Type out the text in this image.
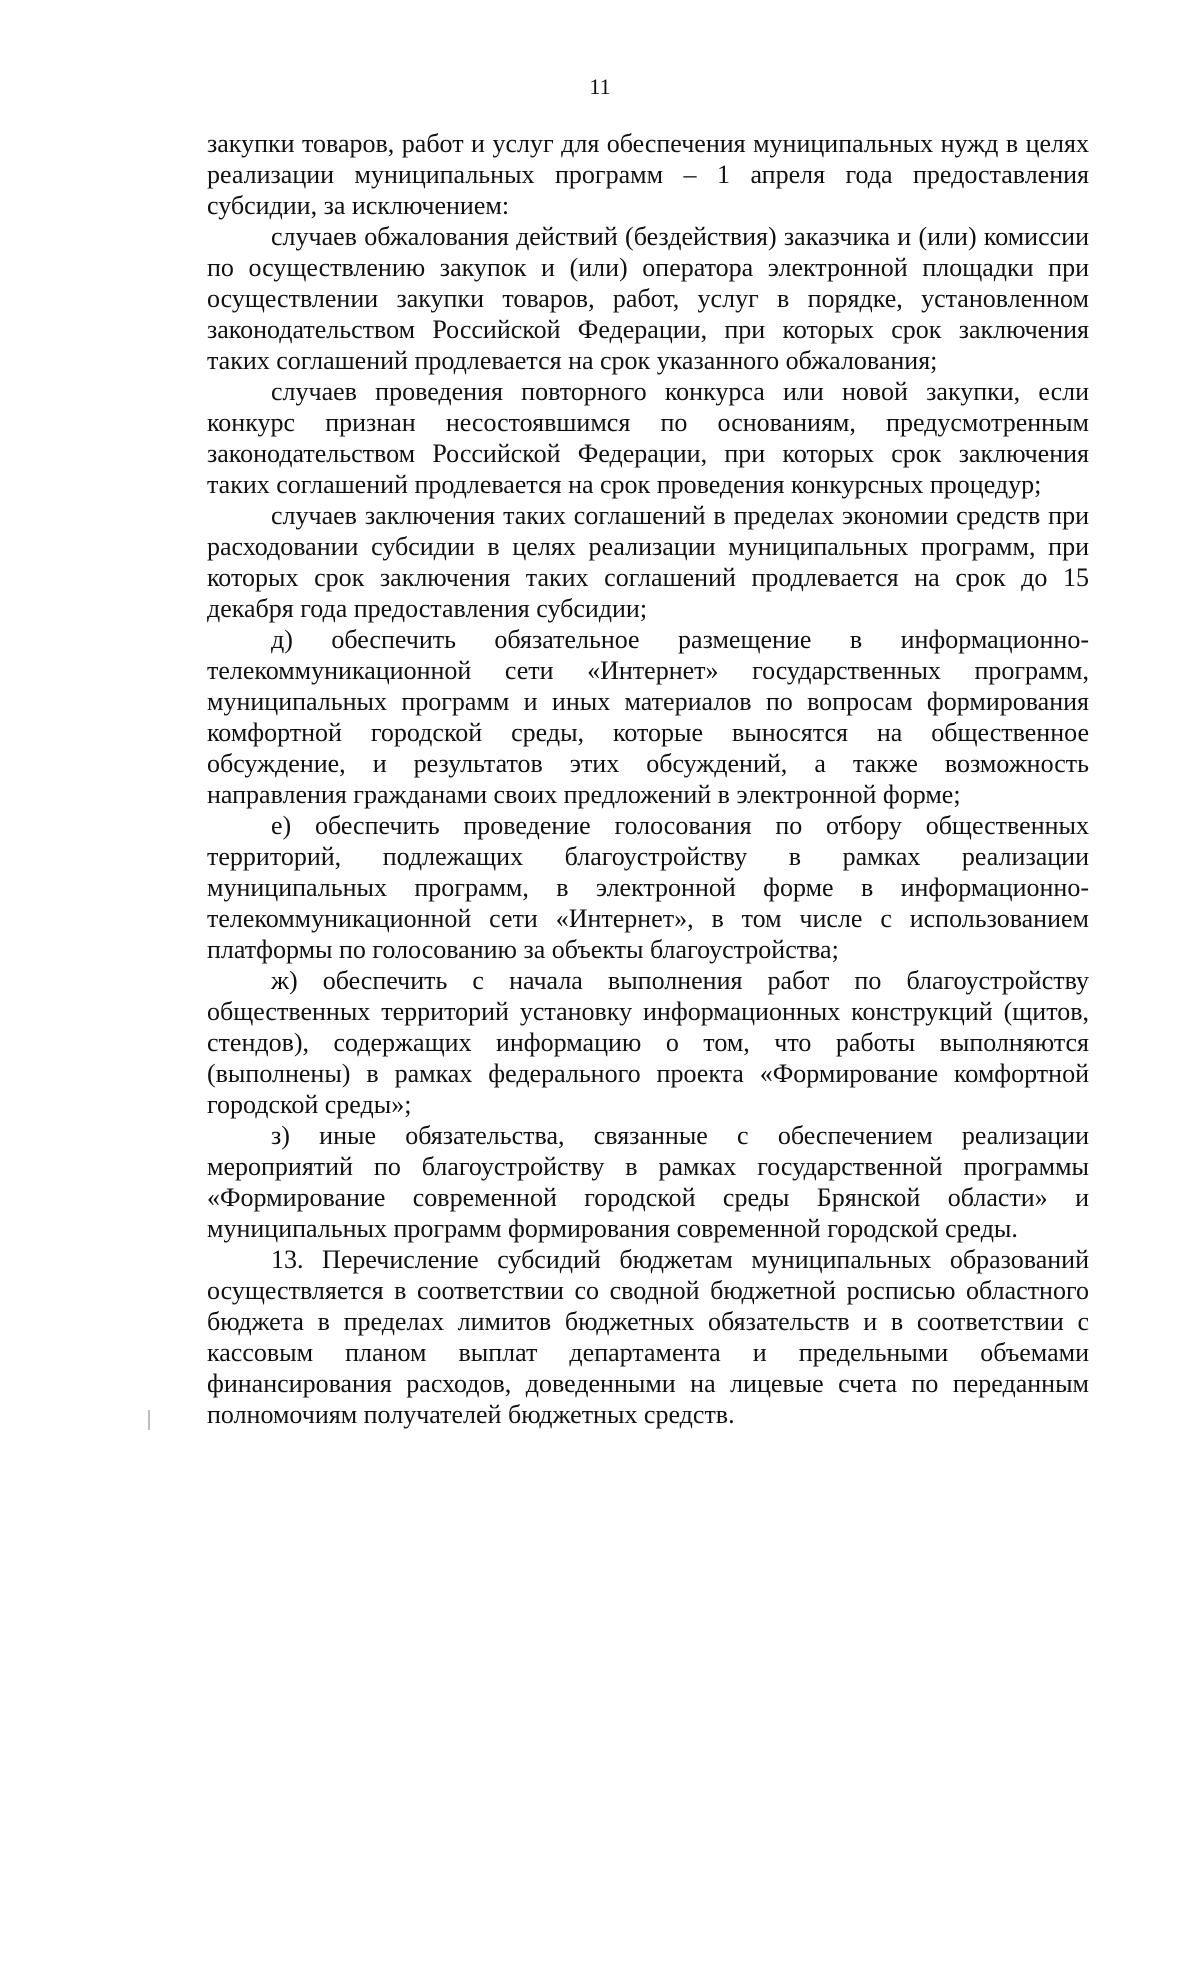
11

закупки товаров, работ и услуг для обеспечения муниципальных нужд в целях реализации муниципальных программ – 1 апреля года предоставления субсидии, за исключением:

случаев обжалования действий (бездействия) заказчика и (или) комиссии по осуществлению закупок и (или) оператора электронной площадки при осуществлении закупки товаров, работ, услуг в порядке, установленном законодательством Российской Федерации, при которых срок заключения таких соглашений продлевается на срок указанного обжалования;

случаев проведения повторного конкурса или новой закупки, если конкурс признан несостоявшимся по основаниям, предусмотренным законодательством Российской Федерации, при которых срок заключения таких соглашений продлевается на срок проведения конкурсных процедур;

случаев заключения таких соглашений в пределах экономии средств при расходовании субсидии в целях реализации муниципальных программ, при которых срок заключения таких соглашений продлевается на срок до 15 декабря года предоставления субсидии;

д) обеспечить обязательное размещение в информационно-телекоммуникационной сети «Интернет» государственных программ, муниципальных программ и иных материалов по вопросам формирования комфортной городской среды, которые выносятся на общественное обсуждение, и результатов этих обсуждений, а также возможность направления гражданами своих предложений в электронной форме;

е) обеспечить проведение голосования по отбору общественных территорий, подлежащих благоустройству в рамках реализации муниципальных программ, в электронной форме в информационно-телекоммуникационной сети «Интернет», в том числе с использованием платформы по голосованию за объекты благоустройства;

ж) обеспечить с начала выполнения работ по благоустройству общественных территорий установку информационных конструкций (щитов, стендов), содержащих информацию о том, что работы выполняются (выполнены) в рамках федерального проекта «Формирование комфортной городской среды»;

з) иные обязательства, связанные с обеспечением реализации мероприятий по благоустройству в рамках государственной программы «Формирование современной городской среды Брянской области» и муниципальных программ формирования современной городской среды.

13. Перечисление субсидий бюджетам муниципальных образований осуществляется в соответствии со сводной бюджетной росписью областного бюджета в пределах лимитов бюджетных обязательств и в соответствии с кассовым планом выплат департамента и предельными объемами финансирования расходов, доведенными на лицевые счета по переданным полномочиям получателей бюджетных средств.
